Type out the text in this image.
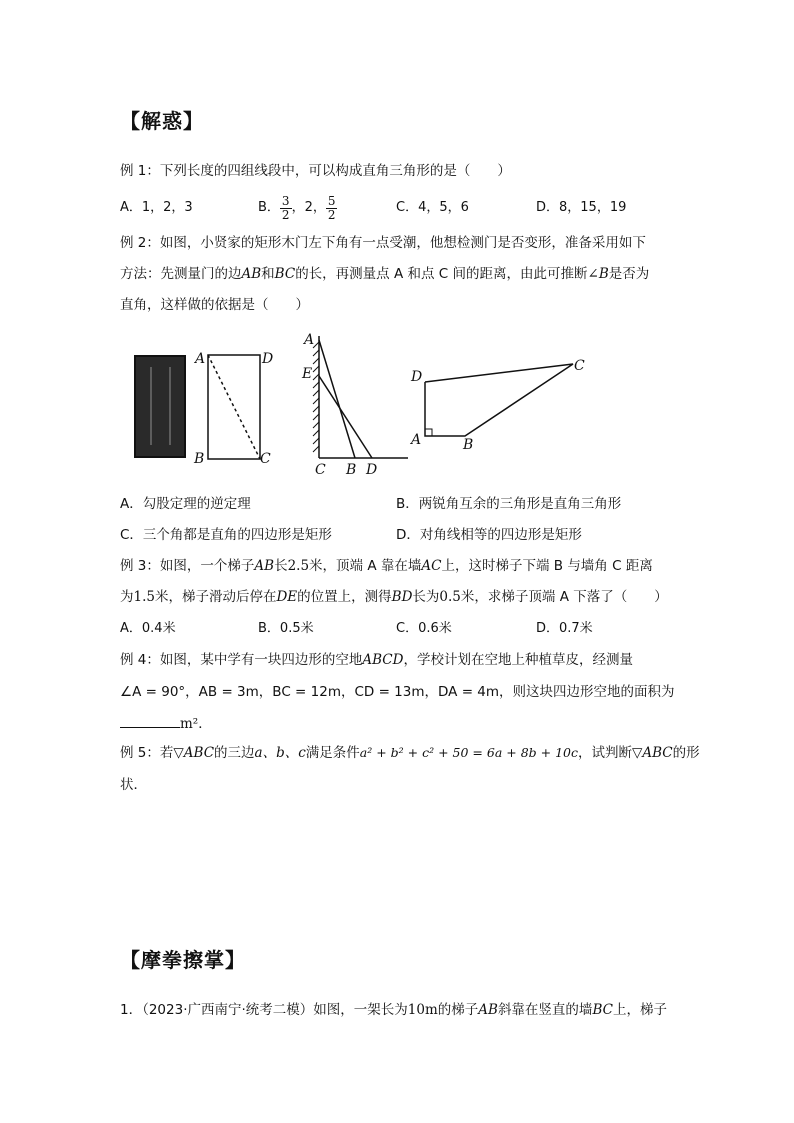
【解惑】
例 1：下列长度的四组线段中，可以构成直角三角形的是（　　）
A．1，2，3	B． $\frac{3}{2}$ ，2， $\frac{5}{2}$	C．4，5，6	D．8，15，19
例 2：如图，小贤家的矩形木门左下角有一点受潮，他想检测门是否变形，准备采用如下
方法：先测量门的边AB和BC的长，再测量点 A 和点 C 间的距离，由此可推断∠B是否为
直角，这样做的依据是（　　）
A	D
B	C
A
E
C B D
D
C
A	B
A．勾股定理的逆定理	B．两锐角互余的三角形是直角三角形
C．三个角都是直角的四边形是矩形	D．对角线相等的四边形是矩形
例 3：如图，一个梯子AB长2.5米，顶端 A 靠在墙AC上，这时梯子下端 B 与墙角 C 距离
为1.5米，梯子滑动后停在DE的位置上，测得BD长为0.5米，求梯子顶端 A 下落了（　　）
A．0.4米	B．0.5米	C．0.6米	D．0.7米
例 4：如图，某中学有一块四边形的空地ABCD，学校计划在空地上种植草皮，经测量
∠A = 90°，AB = 3m，BC = 12m，CD = 13m，DA = 4m，则这块四边形空地的面积为
m²．
例 5：若▽ABC的三边a、b、c满足条件a² + b² + c² + 50 = 6a + 8b + 10c，试判断▽ABC的形
状．
【摩拳擦掌】
1．（2023·广西南宁·统考二模）如图，一架长为10m的梯子AB斜靠在竖直的墙BC上，梯子
